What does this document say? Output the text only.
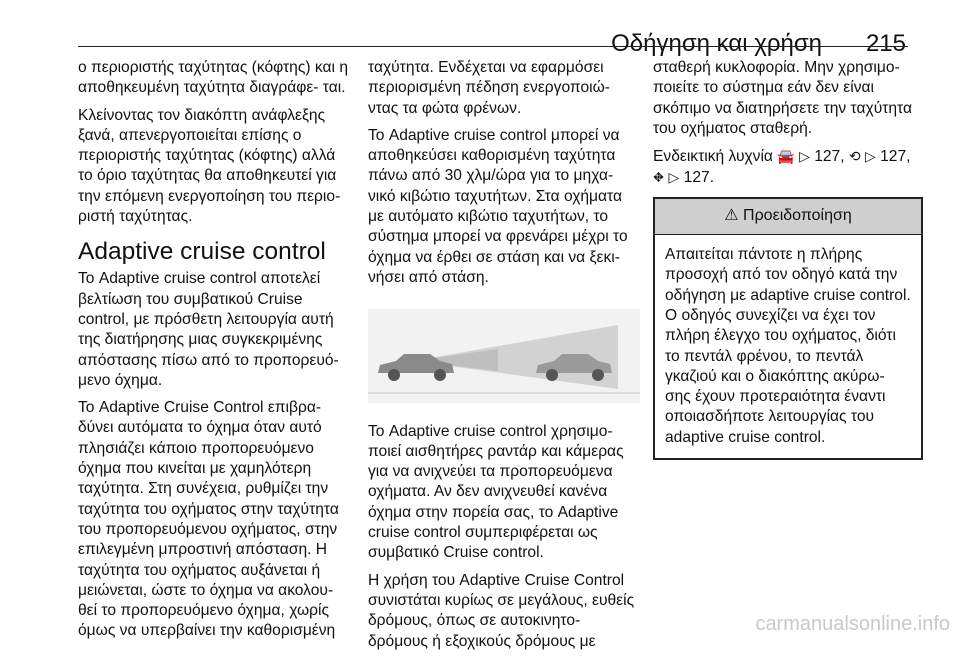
Οδήγηση και χρήση 215

ο περιοριστής ταχύτητας (κόφτης) και η αποθηκευμένη ταχύτητα διαγράφε- ται.

Κλείνοντας τον διακόπτη ανάφλεξης ξανά, απενεργοποιείται επίσης ο περιοριστής ταχύτητας (κόφτης) αλλά το όριο ταχύτητας θα αποθηκευτεί για την επόμενη ενεργοποίηση του περιο- ριστή ταχύτητας.

Adaptive cruise control

Το Adaptive cruise control αποτελεί βελτίωση του συμβατικού Cruise control, με πρόσθετη λειτουργία αυτή της διατήρησης μιας συγκεκριμένης απόστασης πίσω από το προπορευό- μενο όχημα.

Το Adaptive Cruise Control επιβρα- δύνει αυτόματα το όχημα όταν αυτό πλησιάζει κάποιο προπορευόμενο όχημα που κινείται με χαμηλότερη ταχύτητα. Στη συνέχεια, ρυθμίζει την ταχύτητα του οχήματος στην ταχύτητα του προπορευόμενου οχήματος, στην επιλεγμένη μπροστινή απόσταση. Η ταχύτητα του οχήματος αυξάνεται ή μειώνεται, ώστε το όχημα να ακολου- θεί το προπορευόμενο όχημα, χωρίς όμως να υπερβαίνει την καθορισμένη

ταχύτητα. Ενδέχεται να εφαρμόσει περιορισμένη πέδηση ενεργοποιώ- ντας τα φώτα φρένων.

Το Adaptive cruise control μπορεί να αποθηκεύσει καθορισμένη ταχύτητα πάνω από 30 χλμ/ώρα για το μηχα- νικό κιβώτιο ταχυτήτων. Στα οχήματα με αυτόματο κιβώτιο ταχυτήτων, το σύστημα μπορεί να φρενάρει μέχρι το όχημα να έρθει σε στάση και να ξεκι- νήσει από στάση.

Το Adaptive cruise control χρησιμο- ποιεί αισθητήρες ραντάρ και κάμερας για να ανιχνεύει τα προπορευόμενα οχήματα. Αν δεν ανιχνευθεί κανένα όχημα στην πορεία σας, το Adaptive cruise control συμπεριφέρεται ως συμβατικό Cruise control.

Η χρήση του Adaptive Cruise Control συνιστάται κυρίως σε μεγάλους, ευθείς δρόμους, όπως σε αυτοκινητο- δρόμους ή εξοχικούς δρόμους με

σταθερή κυκλοφορία. Μην χρησιμο- ποιείτε το σύστημα εάν δεν είναι σκόπιμο να διατηρήσετε την ταχύτητα του οχήματος σταθερή.

Ενδεικτική λυχνία 🚘 ▷ 127, ⟲ ▷ 127,
⛖ ▷ 127.

⚠ Προειδοποίηση
Απαιτείται πάντοτε η πλήρης προσοχή από τον οδηγό κατά την οδήγηση με adaptive cruise control. Ο οδηγός συνεχίζει να έχει τον πλήρη έλεγχο του οχήματος, διότι το πεντάλ φρένου, το πεντάλ γκαζιού και ο διακόπτης ακύρω- σης έχουν προτεραιότητα έναντι οποιασδήποτε λειτουργίας του adaptive cruise control.
carmanualsonline.info
